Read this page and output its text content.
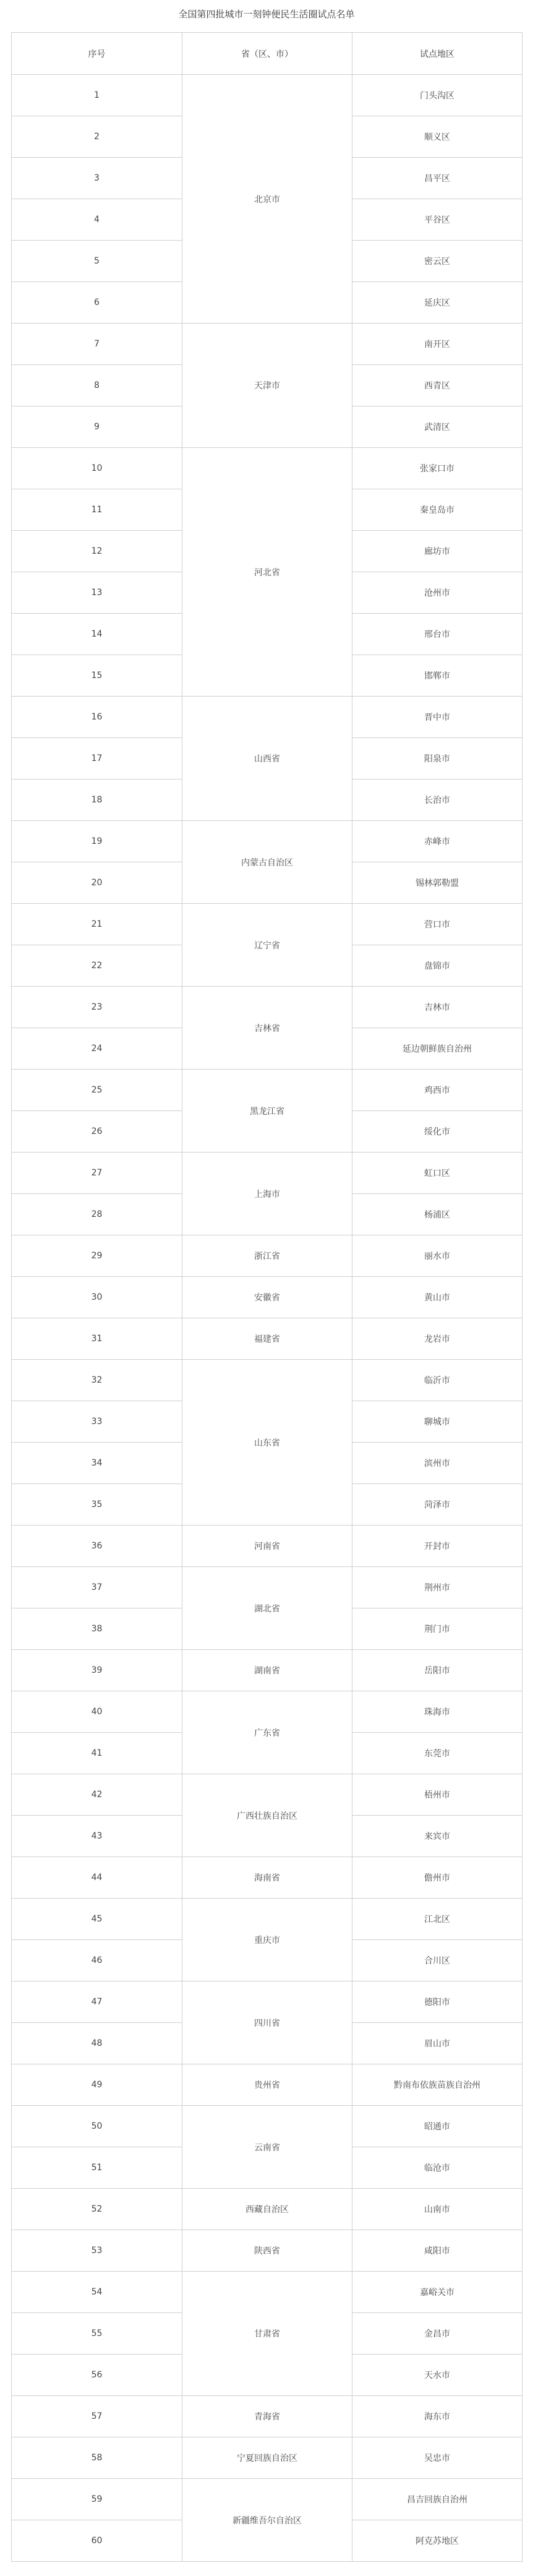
全国第四批城市一刻钟便民生活圈试点名单
序号	省（区、市）	试点地区
1	北京市	门头沟区
2		顺义区
3		昌平区
4		平谷区
5		密云区
6		延庆区
7	天津市	南开区
8		西青区
9		武清区
10	河北省	张家口市
11		秦皇岛市
12		廊坊市
13		沧州市
14		邢台市
15		邯郸市
16	山西省	晋中市
17		阳泉市
18		长治市
19	内蒙古自治区	赤峰市
20		锡林郭勒盟
21	辽宁省	营口市
22		盘锦市
23	吉林省	吉林市
24		延边朝鲜族自治州
25	黑龙江省	鸡西市
26		绥化市
27	上海市	虹口区
28		杨浦区
29	浙江省	丽水市
30	安徽省	黄山市
31	福建省	龙岩市
32	山东省	临沂市
33		聊城市
34		滨州市
35		菏泽市
36	河南省	开封市
37	湖北省	荆州市
38		荆门市
39	湖南省	岳阳市
40	广东省	珠海市
41		东莞市
42	广西壮族自治区	梧州市
43		来宾市
44	海南省	儋州市
45	重庆市	江北区
46		合川区
47	四川省	德阳市
48		眉山市
49	贵州省	黔南布依族苗族自治州
50	云南省	昭通市
51		临沧市
52	西藏自治区	山南市
53	陕西省	咸阳市
54	甘肃省	嘉峪关市
55		金昌市
56		天水市
57	青海省	海东市
58	宁夏回族自治区	吴忠市
59	新疆维吾尔自治区	昌吉回族自治州
60		阿克苏地区
